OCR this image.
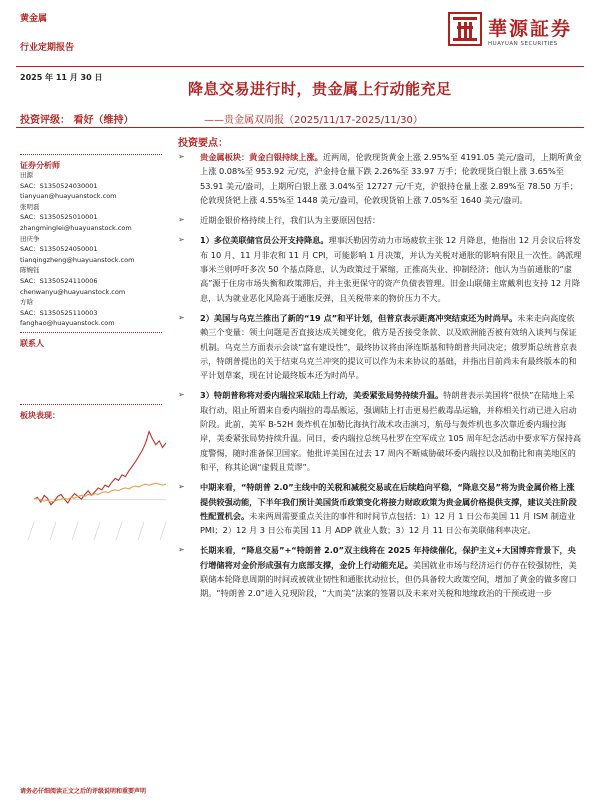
黄金属
行业定期报告
華源証券
HUAYUAN SECURITIES
2025 年 11 月 30 日
降息交易进行时，贵金属上行动能充足
投资评级： 看好（维持）	——贵金属双周报（2025/11/17-2025/11/30）
投资要点：
证券分析师
田源
SAC：S1350524030001
tianyuan@huayuanstock.com
张明磊
SAC：S1350525010001
zhangminglei@huayuanstock.com
田庆争
SAC：S1350524050001
tianqingzheng@huayuanstock.com
陈婉钰
SAC：S1350524110006
chenwanyu@huayuanstock.com
方晗
SAC：S1350525110003
fanghao@huayuanstock.com
联系人
板块表现：
➢ 贵金属板块：黄金白银持续上涨。近两周，伦敦现货黄金上涨 2.95%至 4191.05 美元/盎司，上期所黄金上涨 0.08%至 953.92 元/克，沪金持仓量下跌 2.26%至 33.97 万手；伦敦现货白银上涨 3.65%至 53.91 美元/盎司，上期所白银上涨 3.04%至 12727 元/千克，沪银持仓量上涨 2.89%至 78.50 万手；伦敦现货钯上涨 4.55%至 1448 美元/盎司，伦敦现货铂上涨 7.05%至 1640 美元/盎司。
➢ 近期金银价格持续上行，我们认为主要原因包括：
➢ 1）多位美联储官员公开支持降息。理事沃勒因劳动力市场疲软主张 12 月降息，他指出 12 月会议后将发布 10 月、11 月非农和 11 月 CPI，可能影响 1 月决策，并认为关税对通胀的影响有限且一次性。鸽派理事米兰则呼吁多次 50 个基点降息，认为政策过于紧缩，正推高失业、抑制经济；他认为当前通胀的“虚高”源于住房市场失衡和政策滞后，并主张更保守的资产负债表管理。旧金山联储主席戴利也支持 12 月降息，认为就业恶化风险高于通胀反弹，且关税带来的物价压力不大。
➢ 2）美国与乌克兰推出了新的“19 点”和平计划，但普京表示距离冲突结束还为时尚早。未来走向高度依赖三个变量：领土问题是否直接达成关键变化，俄方是否接受条款、以及欧洲能否被有效纳入谈判与保证机制。乌克兰方面表示会谈“富有建设性”，最终协议将由泽连斯基和特朗普共同决定；俄罗斯总统普京表示，特朗普提出的关于结束乌克兰冲突的提议可以作为未来协议的基础，并指出目前尚未有最终版本的和平计划草案，现在讨论最终版本还为时尚早。
➢ 3）特朗普称将对委内瑞拉采取陆上行动，美委紧张局势持续升温。特朗普表示美国将“很快”在陆地上采取行动，阻止所谓来自委内瑞拉的毒品贩运，强调陆上打击更易拦截毒品运输，并称相关行动已进入启动阶段。此前，美军 B-52H 轰炸机在加勒比海执行战术攻击演习，航母与轰炸机也多次靠近委内瑞拉海岸，美委紧张局势持续升温。同日，委内瑞拉总统马杜罗在空军成立 105 周年纪念活动中要求军方保持高度警惕，随时准备保卫国家。他批评美国在过去 17 周内不断威胁破坏委内瑞拉以及加勒比和南美地区的和平，称其论调“虚假且荒谬”。
➢ 中期来看，“特朗普 2.0”主线中的关税和减税交易或在后续趋向平稳，“降息交易”将为贵金属价格上涨提供较强动能，下半年我们预计美国货币政策变化将接力财政政策为贵金属价格提供支撑，建议关注阶段性配置机会。未来两周需要重点关注的事件和时间节点包括：1）12 月 1 日公布美国 11 月 ISM 制造业 PMI；2）12 月 3 日公布美国 11 月 ADP 就业人数；3）12 月 11 日公布美联储利率决定。
➢ 长期来看，“降息交易”+“特朗普 2.0”双主线将在 2025 年持续催化，保护主义+大国博弈背景下，央行增储将对金价形成强有力底部支撑，金价上行动能充足。美国就业市场与经济运行仍存在较强韧性，美联储本轮降息周期的时间或被就业韧性和通胀扰动拉长，但仍具备较大政策空间，增加了黄金的做多窗口期。“特朗普 2.0”进入兑现阶段，“大而美”法案的签署以及未来对关税和地缘政治的干预或进一步
请务必仔细阅读正文之后的评级说明和重要声明
